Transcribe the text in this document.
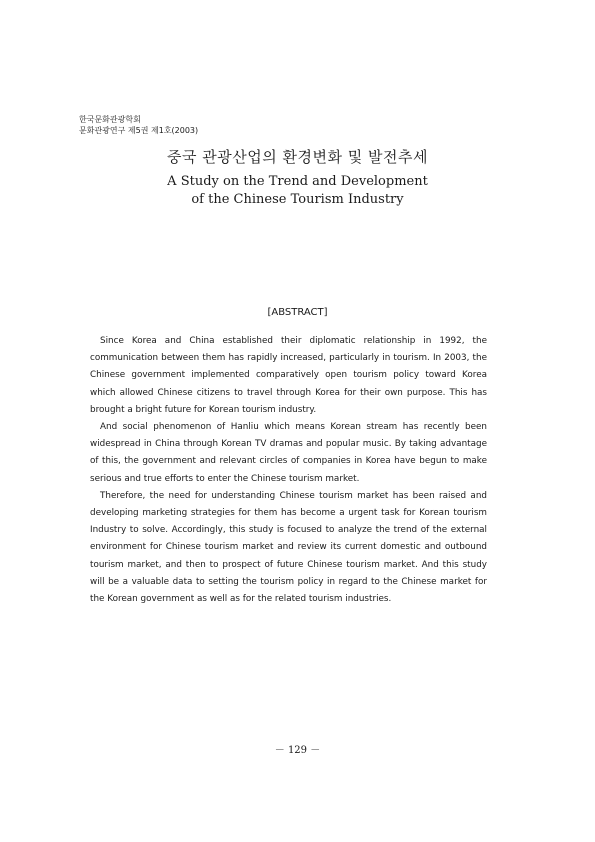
한국문화관광학회
문화관광연구 제5권 제1호(2003)
중국 관광산업의 환경변화 및 발전추세
A Study on the Trend and Development
of the Chinese Tourism Industry
[ABSTRACT]

Since Korea and China established their diplomatic relationship in 1992, the communication between them has rapidly increased, particularly in tourism. In 2003, the Chinese government implemented comparatively open tourism policy toward Korea which allowed Chinese citizens to travel through Korea for their own purpose. This has brought a bright future for Korean tourism industry.

And social phenomenon of Hanliu which means Korean stream has recently been widespread in China through Korean TV dramas and popular music. By taking advantage of this, the government and relevant circles of companies in Korea have begun to make serious and true efforts to enter the Chinese tourism market.

Therefore, the need for understanding Chinese tourism market has been raised and developing marketing strategies for them has become a urgent task for Korean tourism Industry to solve. Accordingly, this study is focused to analyze the trend of the external environment for Chinese tourism market and review its current domestic and outbound tourism market, and then to prospect of future Chinese tourism market. And this study will be a valuable data to setting the tourism policy in regard to the Chinese market for the Korean government as well as for the related tourism industries.

－ 129 －
